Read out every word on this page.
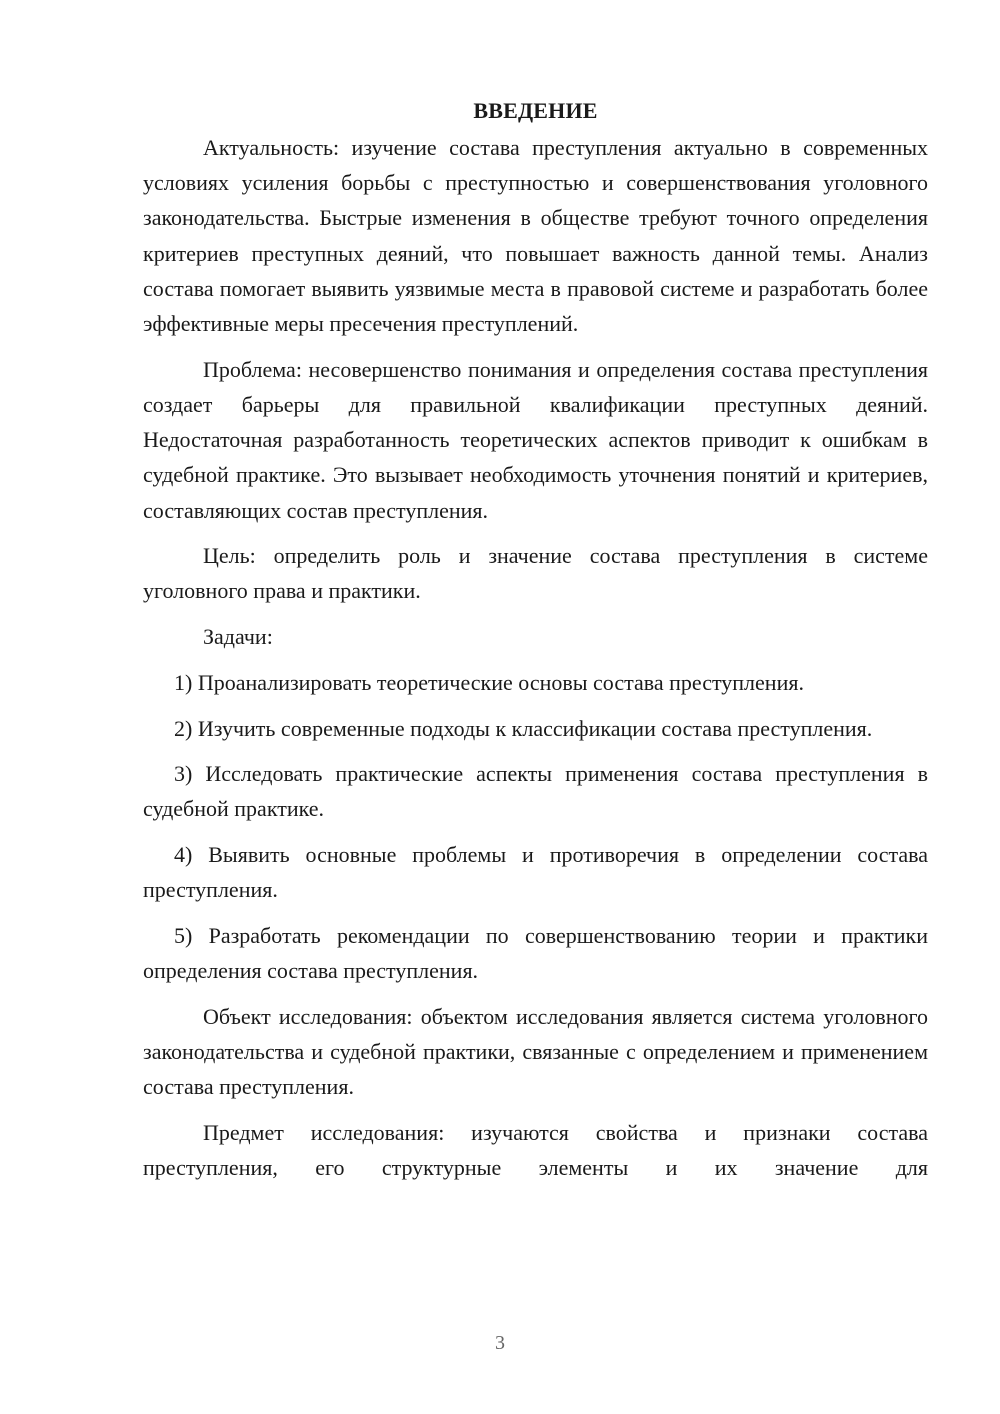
ВВЕДЕНИЕ

Актуальность: изучение состава преступления актуально в современных условиях усиления борьбы с преступностью и совершенствования уголовного законодательства. Быстрые изменения в обществе требуют точного определения критериев преступных деяний, что повышает важность данной темы. Анализ состава помогает выявить уязвимые места в правовой системе и разработать более эффективные меры пресечения преступлений.

Проблема: несовершенство понимания и определения состава преступления создает барьеры для правильной квалификации преступных деяний. Недостаточная разработанность теоретических аспектов приводит к ошибкам в судебной практике. Это вызывает необходимость уточнения понятий и критериев, составляющих состав преступления.

Цель: определить роль и значение состава преступления в системе уголовного права и практики.

Задачи:

1) Проанализировать теоретические основы состава преступления.

2) Изучить современные подходы к классификации состава преступления.

3) Исследовать практические аспекты применения состава преступления в судебной практике.

4) Выявить основные проблемы и противоречия в определении состава преступления.

5) Разработать рекомендации по совершенствованию теории и практики определения состава преступления.

Объект исследования: объектом исследования является система уголовного законодательства и судебной практики, связанные с определением и применением состава преступления.

Предмет исследования: изучаются свойства и признаки состава преступления, его структурные элементы и их значение для

3
